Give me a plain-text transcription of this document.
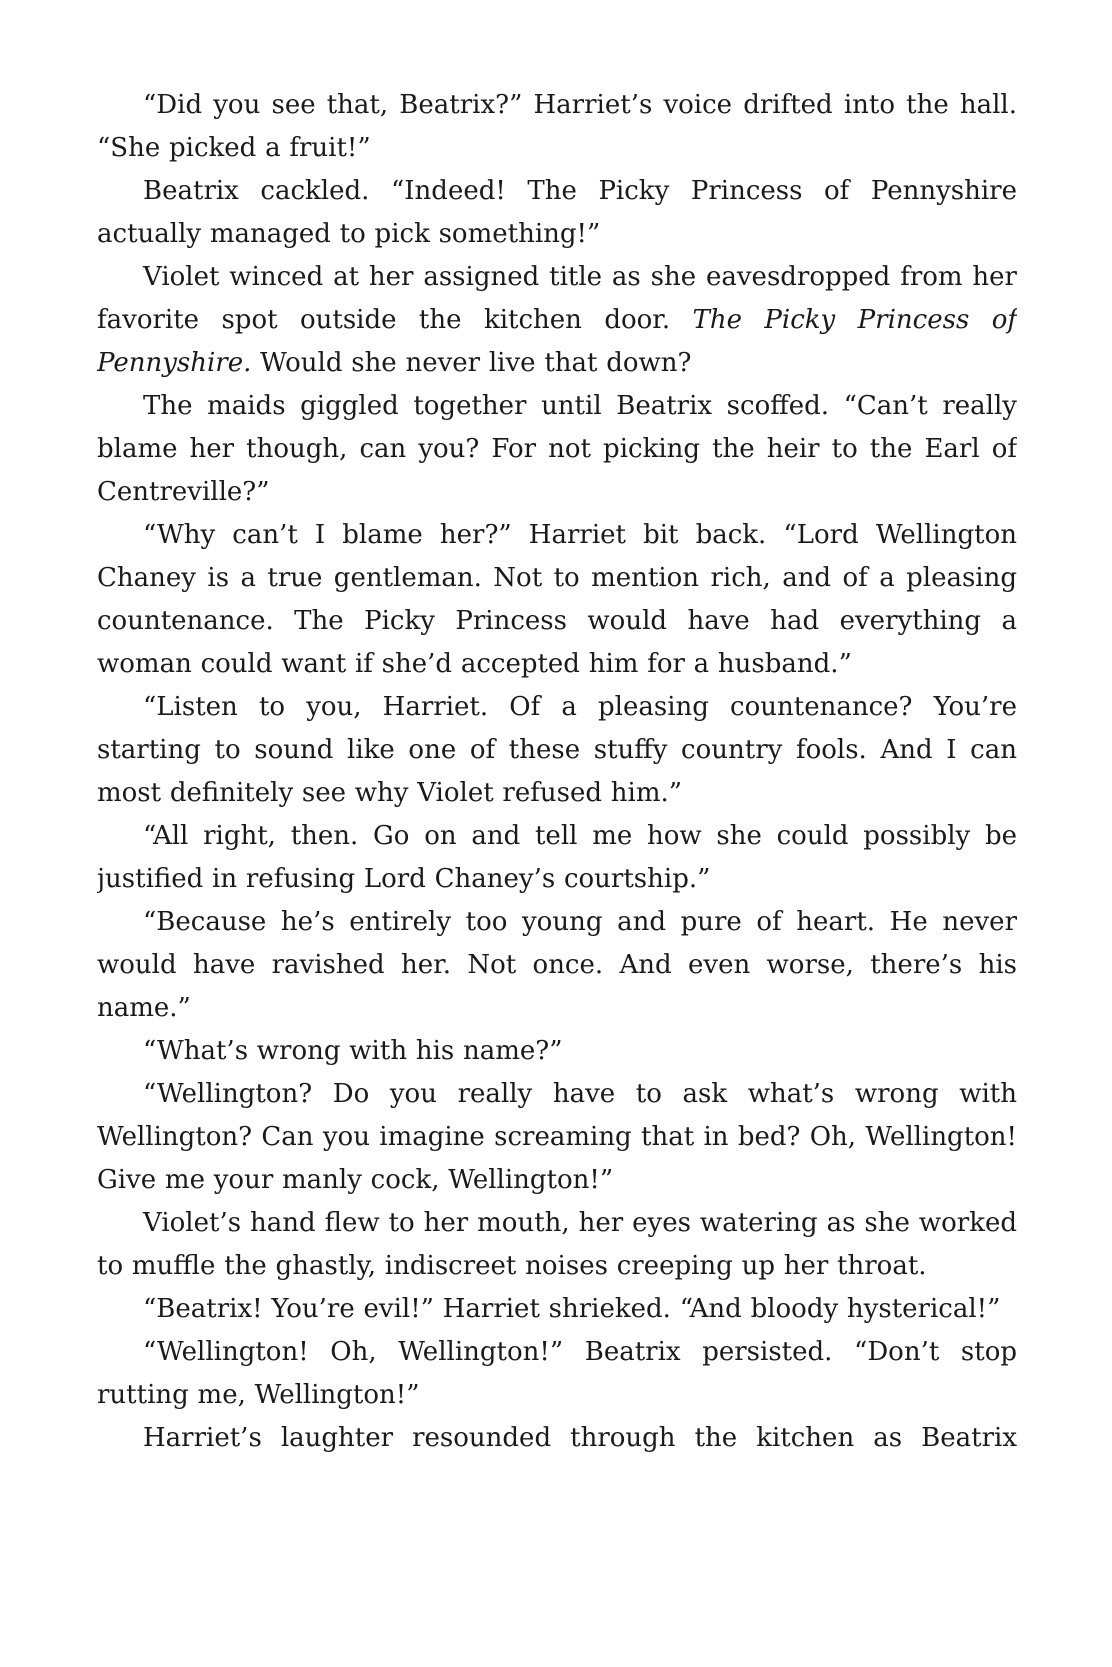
“Did you see that, Beatrix?” Harriet’s voice drifted into the hall. “She picked a fruit!”

Beatrix cackled. “Indeed! The Picky Princess of Pennyshire actually managed to pick something!”

Violet winced at her assigned title as she eavesdropped from her favorite spot outside the kitchen door. The Picky Princess of Pennyshire. Would she never live that down?

The maids giggled together until Beatrix scoffed. “Can’t really blame her though, can you? For not picking the heir to the Earl of Centreville?”

“Why can’t I blame her?” Harriet bit back. “Lord Wellington Chaney is a true gentleman. Not to mention rich, and of a pleasing countenance. The Picky Princess would have had everything a woman could want if she’d accepted him for a husband.”

“Listen to you, Harriet. Of a pleasing countenance? You’re starting to sound like one of these stuffy country fools. And I can most definitely see why Violet refused him.”

“All right, then. Go on and tell me how she could possibly be justified in refusing Lord Chaney’s courtship.”

“Because he’s entirely too young and pure of heart. He never would have ravished her. Not once. And even worse, there’s his name.”

“What’s wrong with his name?”

“Wellington? Do you really have to ask what’s wrong with Wellington? Can you imagine screaming that in bed? Oh, Wellington! Give me your manly cock, Wellington!”

Violet’s hand flew to her mouth, her eyes watering as she worked to muffle the ghastly, indiscreet noises creeping up her throat.

“Beatrix! You’re evil!” Harriet shrieked. “And bloody hysterical!”

“Wellington! Oh, Wellington!” Beatrix persisted. “Don’t stop rutting me, Wellington!”

Harriet’s laughter resounded through the kitchen as Beatrix
